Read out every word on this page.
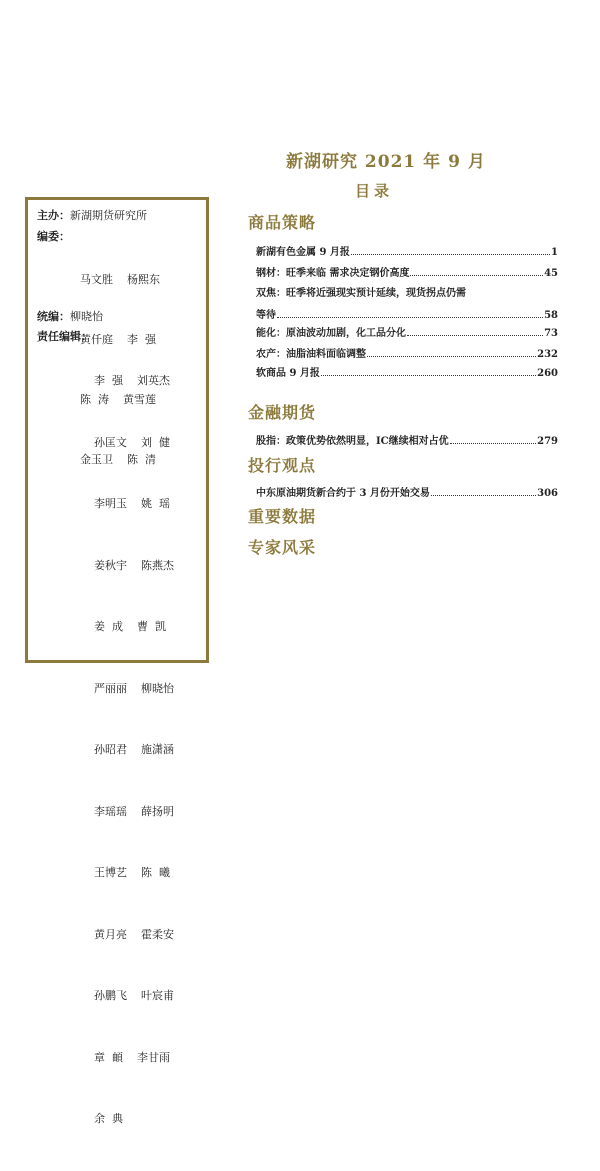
新湖研究 2021 年 9 月
目录
主办：新湖期货研究所
编委：

马文胜    杨熙东

黄仟庭    李  强

陈  涛    黄雪莲

金玉卫    陈  清

统编：柳晓怡
责任编辑：

李  强    刘英杰

孙匡文    刘  健

李明玉    姚  瑶

姜秋宇    陈燕杰

姜  成    曹  凯

严丽丽    柳晓怡

孙昭君    施潇涵

李瑶瑶    薛扬明

王博艺    陈  曦

黄月亮    霍柔安

孙鹏飞    叶宸甫

章  頔    李甘雨

余  典

商品策略
新湖有色金属 9 月报	1
钢材：旺季来临 需求决定钢价高度	45
双焦：旺季将近强现实预计延续，现货拐点仍需
等待	58
能化：原油波动加剧，化工品分化	73
农产：油脂油料面临调整	232
软商品 9 月报	260
金融期货
股指：政策优势依然明显，IC继续相对占优	279
投行观点
中东原油期货新合约于 3 月份开始交易	306
重要数据
专家风采
